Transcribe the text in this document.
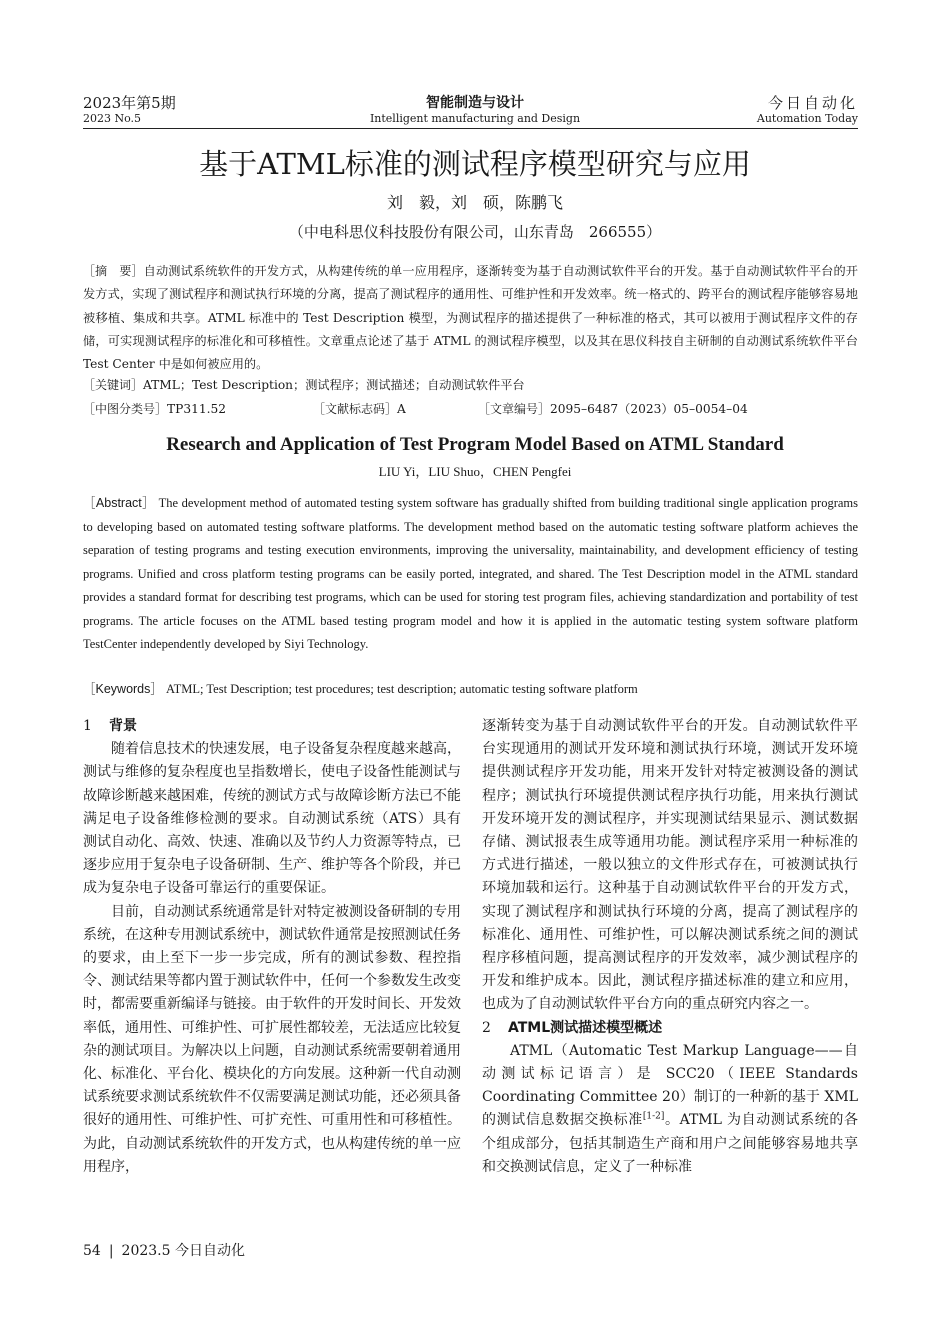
2023年第5期
2023 No.5
智能制造与设计
Intelligent manufacturing and Design
今日自动化
Automation Today
基于ATML标准的测试程序模型研究与应用
刘　毅，刘　硕，陈鹏飞
（中电科思仪科技股份有限公司，山东青岛　266555）
［摘　要］自动测试系统软件的开发方式，从构建传统的单一应用程序，逐渐转变为基于自动测试软件平台的开发。基于自动测试软件平台的开发方式，实现了测试程序和测试执行环境的分离，提高了测试程序的通用性、可维护性和开发效率。统一格式的、跨平台的测试程序能够容易地被移植、集成和共享。ATML 标准中的 Test Description 模型，为测试程序的描述提供了一种标准的格式，其可以被用于测试程序文件的存储，可实现测试程序的标准化和可移植性。文章重点论述了基于 ATML 的测试程序模型，以及其在思仪科技自主研制的自动测试系统软件平台 Test Center 中是如何被应用的。
［关键词］ATML；Test Description；测试程序；测试描述；自动测试软件平台
［中图分类号］TP311.52	［文献标志码］A	［文章编号］2095–6487（2023）05–0054–04
Research and Application of Test Program Model Based on ATML Standard
LIU Yi，LIU Shuo，CHEN Pengfei
［Abstract］ The development method of automated testing system software has gradually shifted from building traditional single application programs to developing based on automated testing software platforms. The development method based on the automatic testing software platform achieves the separation of testing programs and testing execution environments, improving the universality, maintainability, and development efficiency of testing programs. Unified and cross platform testing programs can be easily ported, integrated, and shared. The Test Description model in the ATML standard provides a standard format for describing test programs, which can be used for storing test program files, achieving standardization and portability of test programs. The article focuses on the ATML based testing program model and how it is applied in the automatic testing system software platform TestCenter independently developed by Siyi Technology.
［Keywords］ ATML; Test Description; test procedures; test description; automatic testing software platform
1 背景

随着信息技术的快速发展，电子设备复杂程度越来越高，测试与维修的复杂程度也呈指数增长，使电子设备性能测试与故障诊断越来越困难，传统的测试方式与故障诊断方法已不能满足电子设备维修检测的要求。自动测试系统（ATS）具有测试自动化、高效、快速、准确以及节约人力资源等特点，已逐步应用于复杂电子设备研制、生产、维护等各个阶段，并已成为复杂电子设备可靠运行的重要保证。

目前，自动测试系统通常是针对特定被测设备研制的专用系统，在这种专用测试系统中，测试软件通常是按照测试任务的要求，由上至下一步一步完成，所有的测试参数、程控指令、测试结果等都内置于测试软件中，任何一个参数发生改变时，都需要重新编译与链接。由于软件的开发时间长、开发效率低，通用性、可维护性、可扩展性都较差，无法适应比较复杂的测试项目。为解决以上问题，自动测试系统需要朝着通用化、标准化、平台化、模块化的方向发展。这种新一代自动测试系统要求测试系统软件不仅需要满足测试功能，还必须具备很好的通用性、可维护性、可扩充性、可重用性和可移植性。为此，自动测试系统软件的开发方式，也从构建传统的单一应用程序，

逐渐转变为基于自动测试软件平台的开发。自动测试软件平台实现通用的测试开发环境和测试执行环境，测试开发环境提供测试程序开发功能，用来开发针对特定被测设备的测试程序；测试执行环境提供测试程序执行功能，用来执行测试开发环境开发的测试程序，并实现测试结果显示、测试数据存储、测试报表生成等通用功能。测试程序采用一种标准的方式进行描述，一般以独立的文件形式存在，可被测试执行环境加载和运行。这种基于自动测试软件平台的开发方式，实现了测试程序和测试执行环境的分离，提高了测试程序的标准化、通用性、可维护性，可以解决测试系统之间的测试程序移植问题，提高测试程序的开发效率，减少测试程序的开发和维护成本。因此，测试程序描述标准的建立和应用，也成为了自动测试软件平台方向的重点研究内容之一。

2 ATML测试描述模型概述

ATML（Automatic Test Markup Language——自动测试标记语言）是 SCC20（IEEE Standards Coordinating Committee 20）制订的一种新的基于 XML 的测试信息数据交换标准[1-2]。ATML 为自动测试系统的各个组成部分，包括其制造生产商和用户之间能够容易地共享和交换测试信息，定义了一种标准

54 | 2023.5 今日自动化
